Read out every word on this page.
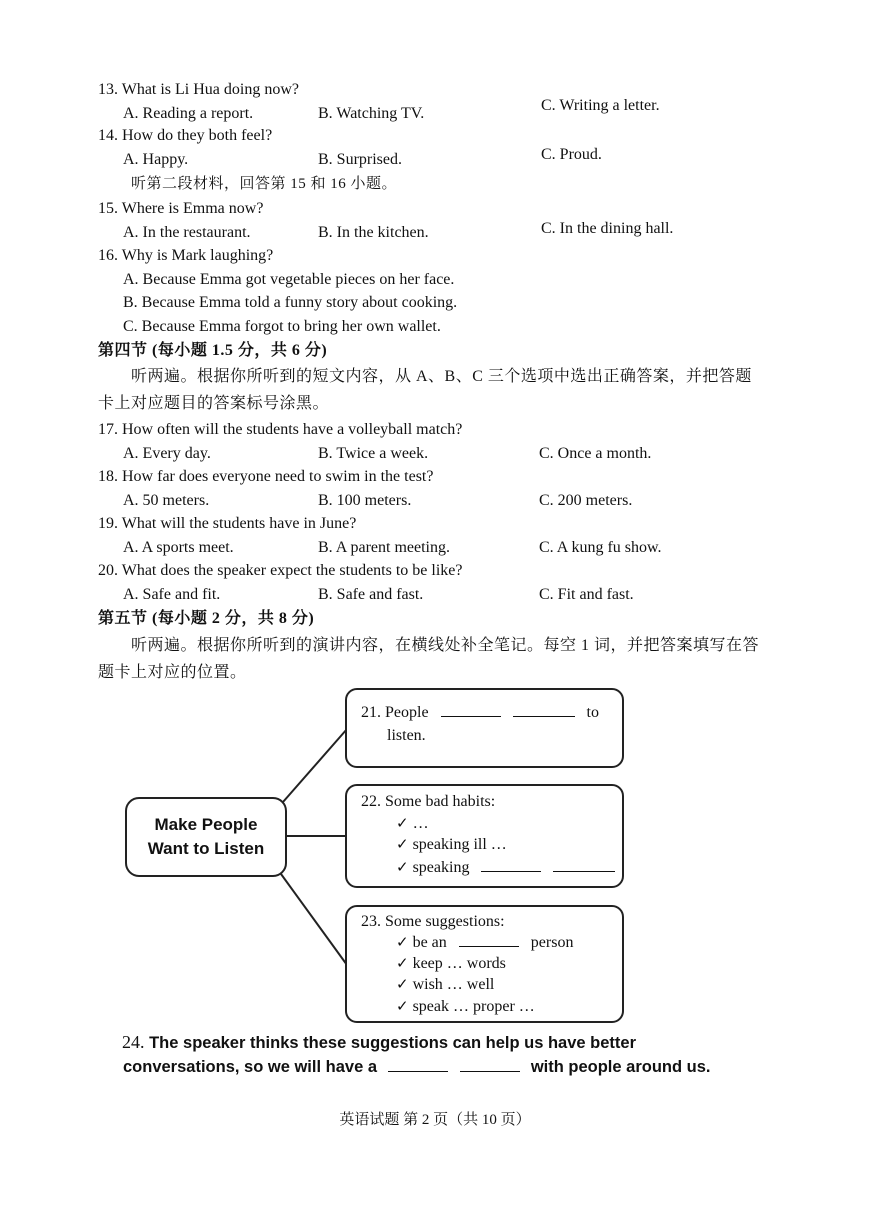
13. What is Li Hua doing now?
A. Reading a report.	B. Watching TV.	C. Writing a letter.
14. How do they both feel?
A. Happy.	B. Surprised.	C. Proud.
听第二段材料，回答第 15 和 16 小题。
15. Where is Emma now?
A. In the restaurant.	B. In the kitchen.	C. In the dining hall.
16. Why is Mark laughing?
A. Because Emma got vegetable pieces on her face.
B. Because Emma told a funny story about cooking.
C. Because Emma forgot to bring her own wallet.
第四节 (每小题 1.5 分，共 6 分)
听两遍。根据你所听到的短文内容，从 A、B、C 三个选项中选出正确答案，并把答题
卡上对应题目的答案标号涂黑。
17. How often will the students have a volleyball match?
A. Every day.	B. Twice a week.	C. Once a month.
18. How far does everyone need to swim in the test?
A. 50 meters.	B. 100 meters.	C. 200 meters.
19. What will the students have in June?
A. A sports meet.	B. A parent meeting.	C. A kung fu show.
20. What does the speaker expect the students to be like?
A. Safe and fit.	B. Safe and fast.	C. Fit and fast.
第五节 (每小题 2 分，共 8 分)
听两遍。根据你所听到的演讲内容，在横线处补全笔记。每空 1 词，并把答案填写在答
题卡上对应的位置。
Make People
Want to Listen
21. People	to
listen.
22. Some bad habits:
✓ …
✓ speaking ill …
✓ speaking
23. Some suggestions:
✓ be an	person
✓ keep … words
✓ wish … well
✓ speak … proper …
24. The speaker thinks these suggestions can help us have better
conversations, so we will have a	with people around us.
英语试题 第 2 页（共 10 页）
